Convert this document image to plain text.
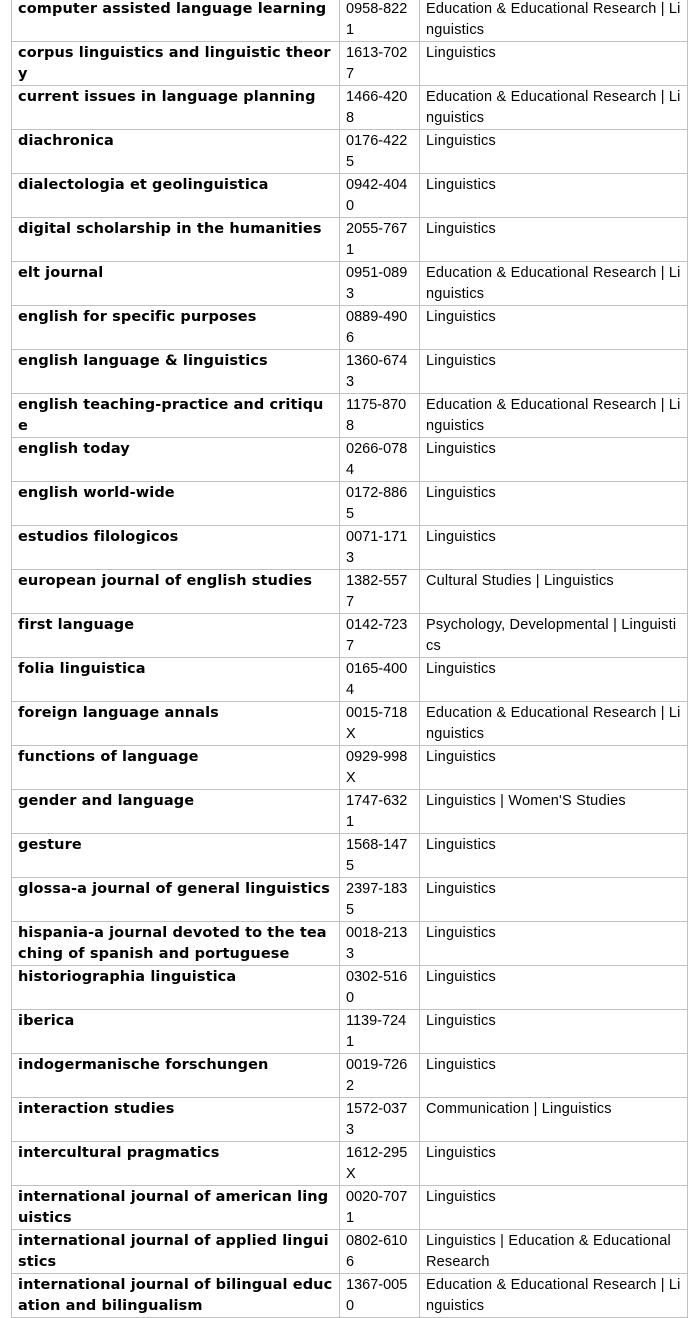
computer assisted language learning	0958-8221	Education & Educational Research | Linguistics
corpus linguistics and linguistic theory	1613-7027	Linguistics
current issues in language planning	1466-4208	Education & Educational Research | Linguistics
diachronica	0176-4225	Linguistics
dialectologia et geolinguistica	0942-4040	Linguistics
digital scholarship in the humanities	2055-7671	Linguistics
elt journal	0951-0893	Education & Educational Research | Linguistics
english for specific purposes	0889-4906	Linguistics
english language & linguistics	1360-6743	Linguistics
english teaching-practice and critique	1175-8708	Education & Educational Research | Linguistics
english today	0266-0784	Linguistics
english world-wide	0172-8865	Linguistics
estudios filologicos	0071-1713	Linguistics
european journal of english studies	1382-5577	Cultural Studies | Linguistics
first language	0142-7237	Psychology, Developmental | Linguistics
folia linguistica	0165-4004	Linguistics
foreign language annals	0015-718X	Education & Educational Research | Linguistics
functions of language	0929-998X	Linguistics
gender and language	1747-6321	Linguistics | Women'S Studies
gesture	1568-1475	Linguistics
glossa-a journal of general linguistics	2397-1835	Linguistics
hispania-a journal devoted to the teaching of spanish and portuguese	0018-2133	Linguistics
historiographia linguistica	0302-5160	Linguistics
iberica	1139-7241	Linguistics
indogermanische forschungen	0019-7262	Linguistics
interaction studies	1572-0373	Communication | Linguistics
intercultural pragmatics	1612-295X	Linguistics
international journal of american linguistics	0020-7071	Linguistics
international journal of applied linguistics	0802-6106	Linguistics | Education & Educational Research
international journal of bilingual education and bilingualism	1367-0050	Education & Educational Research | Linguistics
